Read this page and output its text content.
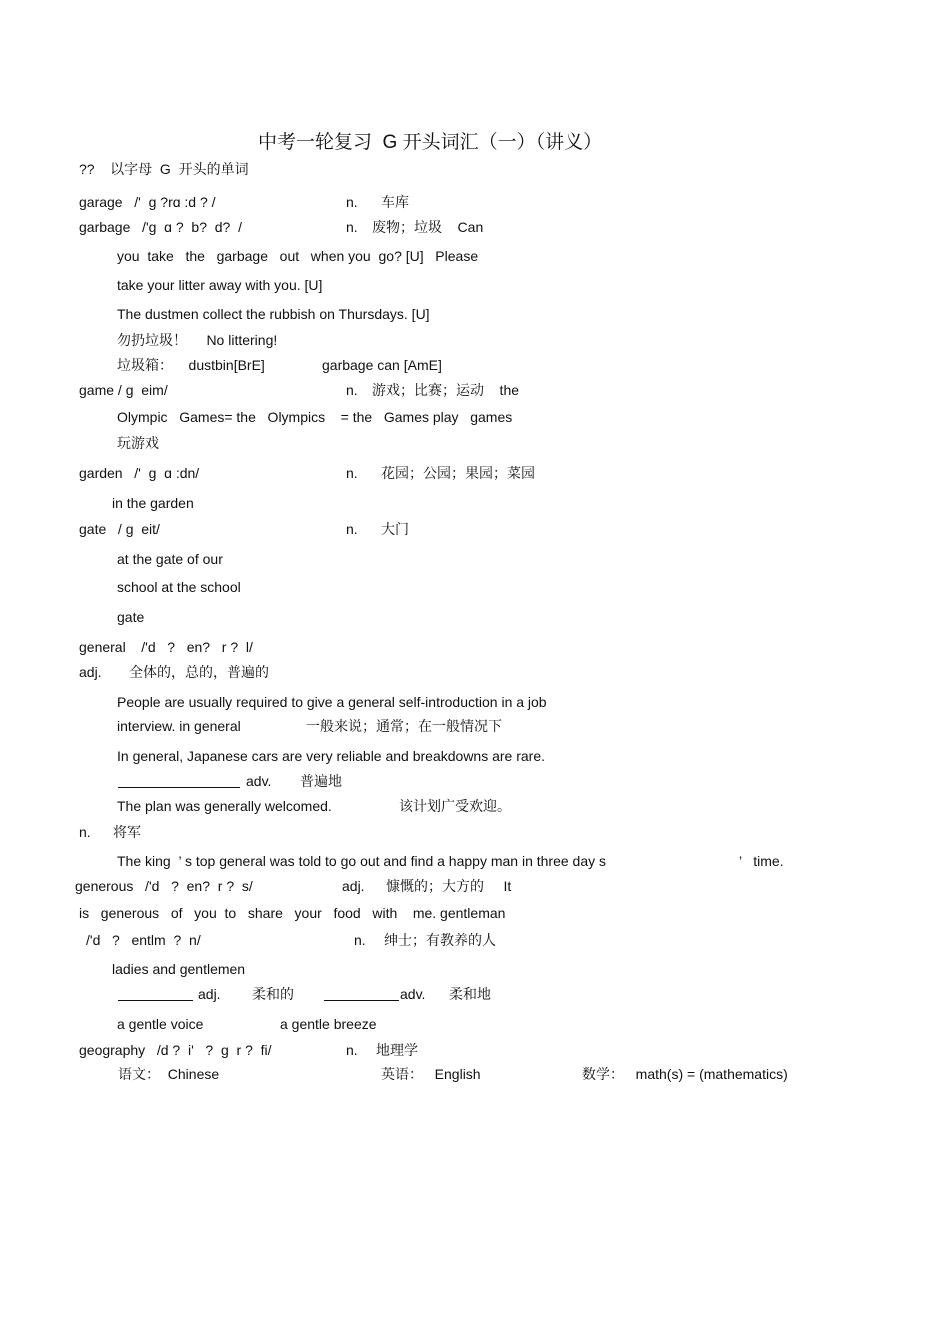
中考一轮复习  G 开头词汇（一）（讲义）
??    以字母  G  开头的单词
garage   /'  ɡ ?rɑ :d ? /	n. 车库
garbage   /'g  ɑ ?  b?  d?  /	n. 废物；垃圾    Can
you  take   the   garbage   out   when you  go? [U]   Please
take your litter away with you. [U]
The dustmen collect the rubbish on Thursdays. [U]
勿扔垃圾！     No littering!
垃圾箱：    dustbin[BrE]	garbage can [AmE]
game / ɡ  eim/	n. 游戏；比赛；运动    the
Olympic   Games= the   Olympics    = the   Games play   games
玩游戏
garden   /'  ɡ  ɑ :dn/	n. 花园；公园；果园；菜园
in the garden
gate   / ɡ  eit/	n. 大门
at the gate of our
school at the school
gate
general    /'d   ?   en?   r ?  l/
adj. 全体的，总的，普遍的
People are usually required to give a general self-introduction in a job
interview. in general	一般来说；通常；在一般情况下
In general, Japanese cars are very reliable and breakdowns are rare.
adv. 普遍地
The plan was generally welcomed.	该计划广受欢迎。
n. 将军
The king  ’ s top general was told to go out and find a happy man in three day s	’   time.
generous   /'d   ?  en?  r ?  s/	adj. 慷慨的；大方的     It
is   generous   of   you  to   share   your   food   with    me. gentleman
/'d   ?   entlm  ?  n/	n. 绅士；有教养的人
ladies and gentlemen
adj. 柔和的	adv. 柔和地
a gentle voice	a gentle breeze
geography   /d ?  i'   ?  ɡ  r ?  fi/	n. 地理学
语文：  Chinese	英语：   English	数学：   math(s) = (mathematics)
